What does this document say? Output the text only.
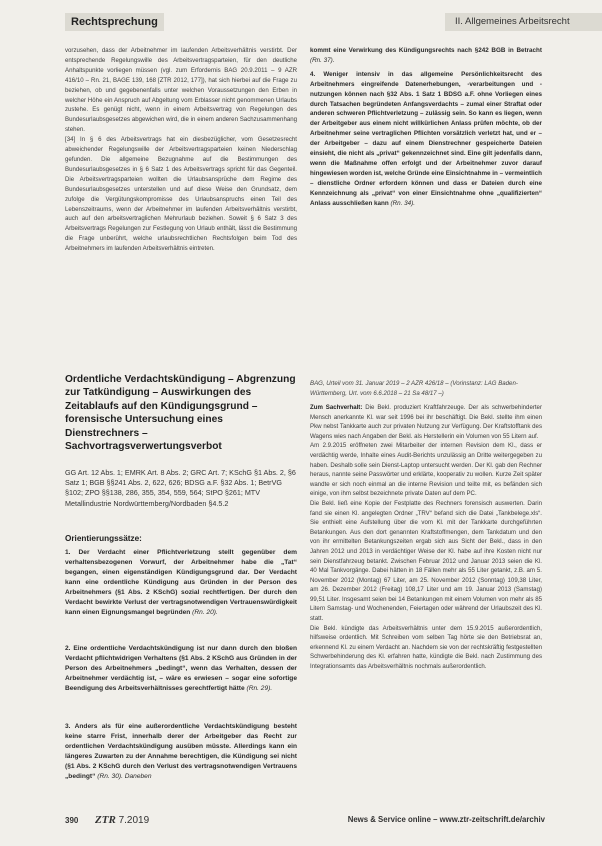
Rechtsprechung	II. Allgemeines Arbeitsrecht

vorzusehen, dass der Arbeitnehmer im laufenden Arbeitsverhältnis verstirbt. Der entsprechende Regelungswille des Arbeitsvertragsparteien, für den deutliche Anhaltspunkte vorliegen müssen (vgl. zum Erfordernis BAG 20.9.2011 – 9 AZR 416/10 – Rn. 21, BAGE 139, 168 [ZTR 2012, 177]), hat sich hierbei auf die Frage zu beziehen, ob und gegebenenfalls unter welchen Voraussetzungen den Erben in welcher Höhe ein Anspruch auf Abgeltung vom Erblasser nicht genommenen Urlaubs zustehe. Es genügt nicht, wenn in einem Arbeitsvertrag von Regelungen des Bundesurlaubsgesetzes abgewichen wird, die in einem anderen Sachzusammenhang stehen.

[34] In § 6 des Arbeitsvertrags hat ein diesbezüglicher, vom Gesetzesrecht abweichender Regelungswille der Arbeitsvertragsparteien keinen Niederschlag gefunden. Die allgemeine Bezugnahme auf die Bestimmungen des Bundesurlaubsgesetzes in § 6 Satz 1 des Arbeitsvertrags spricht für das Gegenteil. Die Arbeitsvertragsparteien wollten die Urlaubsansprüche dem Regime des Bundesurlaubsgesetzes unterstellen und auf diese Weise den Grundsatz, dem zufolge die Vergütungskompromisse des Urlaubsanspruchs einen Teil des Lebenszeitraums, wenn der Arbeitnehmer im laufenden Arbeitsverhältnis verstirbt, auch auf den arbeitsvertraglichen Mehrurlaub beziehen. Soweit § 6 Satz 3 des Arbeitsvertrags Regelungen zur Festlegung von Urlaub enthält, lässt die Bestimmung die Frage unberührt, welche urlaubsrechtlichen Rechtsfolgen beim Tod des Arbeitnehmers im laufenden Arbeitsverhältnis eintreten.

Ordentliche Verdachtskündigung – Abgrenzung zur Tatkündigung – Auswirkungen des Zeitablaufs auf den Kündigungsgrund – forensische Untersuchung eines Dienstrechners – Sachvortragsverwertungsverbot
GG Art. 12 Abs. 1; EMRK Art. 8 Abs. 2; GRC Art. 7; KSchG §1 Abs. 2, §6 Satz 1; BGB §§241 Abs. 2, 622, 626; BDSG a.F. §32 Abs. 1; BetrVG §102; ZPO §§138, 286, 355, 354, 559, 564; StPO §261; MTV Metallindustrie Nordwürttemberg/Nordbaden §4.5.2
Orientierungssätze:

1. Der Verdacht einer Pflichtverletzung stellt gegenüber dem verhaltensbezogenen Vorwurf, der Arbeitnehmer habe die „Tat“ begangen, einen eigenständigen Kündigungsgrund dar. Der Verdacht kann eine ordentliche Kündigung aus Gründen in der Person des Arbeitnehmers (§1 Abs. 2 KSchG) sozial rechtfertigen. Der durch den Verdacht bewirkte Verlust der vertragsnotwendigen Vertrauenswürdigkeit kann einen Eignungsmangel begründen (Rn. 20).

2. Eine ordentliche Verdachtskündigung ist nur dann durch den bloßen Verdacht pflichtwidrigen Verhaltens (§1 Abs. 2 KSchG aus Gründen in der Person des Arbeitnehmers „bedingt“, wenn das Verhalten, dessen der Arbeitnehmer verdächtig ist, – wäre es erwiesen – sogar eine sofortige Beendigung des Arbeitsverhältnisses gerechtfertigt hätte (Rn. 29).

3. Anders als für eine außerordentliche Verdachtskündigung besteht keine starre Frist, innerhalb derer der Arbeitgeber das Recht zur ordentlichen Verdachtskündigung ausüben müsste. Allerdings kann ein längeres Zuwarten zu der Annahme berechtigen, die Kündigung sei nicht (§1 Abs. 2 KSchG durch den Verlust des vertragsnotwendigen Vertrauens „bedingt“ (Rn. 30). Daneben

kommt eine Verwirkung des Kündigungsrechts nach §242 BGB in Betracht (Rn. 37).

4. Weniger intensiv in das allgemeine Persönlichkeitsrecht des Arbeitnehmers eingreifende Datenerhebungen, -verarbeitungen und -nutzungen können nach §32 Abs. 1 Satz 1 BDSG a.F. ohne Vorliegen eines durch Tatsachen begründeten Anfangsverdachts – zumal einer Straftat oder anderen schweren Pflichtverletzung – zulässig sein. So kann es liegen, wenn der Arbeitgeber aus einem nicht willkürlichen Anlass prüfen möchte, ob der Arbeitnehmer seine vertraglichen Pflichten vorsätzlich verletzt hat, und er – der Arbeitgeber – dazu auf einem Dienstrechner gespeicherte Dateien einsieht, die nicht als „privat“ gekennzeichnet sind. Eine gilt jedenfalls dann, wenn die Maßnahme offen erfolgt und der Arbeitnehmer zuvor darauf hingewiesen worden ist, welche Gründe eine Einsichtnahme in – vermeintlich – dienstliche Ordner erfordern können und dass er Dateien durch eine Kennzeichnung als „privat“ von einer Einsichtnahme ohne „qualifizierten“ Anlass ausschließen kann (Rn. 34).

BAG, Urteil vom 31. Januar 2019 – 2 AZR 426/18 – (Vorinstanz: LAG Baden-Württemberg, Urt. vom 6.6.2018 – 21 Sa 48/17 –)

Zum Sachverhalt: Die Bekl. produziert Kraftfahrzeuge. Der als schwerbehinderter Mensch anerkannte Kl. war seit 1996 bei ihr beschäftigt. Die Bekl. stellte ihm einen Pkw nebst Tankkarte auch zur privaten Nutzung zur Verfügung. Der Kraftstofftank des Wagens wies nach Angaben der Bekl. als Herstellerin ein Volumen von 55 Litern auf.

Am 2.9.2015 eröffneten zwei Mitarbeiter der internen Revision dem Kl., dass er verdächtig werde, Inhalte eines Audit-Berichts unzulässig an Dritte weitergegeben zu haben. Deshalb solle sein Dienst-Laptop untersucht werden. Der Kl. gab den Rechner heraus, nannte seine Passwörter und erklärte, kooperativ zu wollen. Kurze Zeit später wandte er sich noch einmal an die interne Revision und teilte mit, es befänden sich einige, von ihm selbst bezeichnete private Daten auf dem PC.

Die Bekl. ließ eine Kopie der Festplatte des Rechners forensisch auswerten. Darin fand sie einen Kl. angelegten Ordner „TRV“ befand sich die Datei „Tankbelege.xls“. Sie enthielt eine Aufstellung über die vom Kl. mit der Tankkarte durchgeführten Betankungen. Aus den dort genannten Kraftstoffmengen, dem Tankdatum und den von ihr ermittelten Betankungszeiten ergab sich aus Sicht der Bekl., dass in den Jahren 2012 und 2013 in verdächtiger Weise der Kl. habe auf ihre Kosten nicht nur sein Dienstfahrzeug betankt. Zwischen Februar 2012 und Januar 2013 seien die Kl. 40 Mal Tankvorgänge. Dabei hätten in 18 Fällen mehr als 55 Liter getankt, z.B. am 5. November 2012 (Montag) 67 Liter, am 25. November 2012 (Sonntag) 109,38 Liter, am 26. Dezember 2012 (Freitag) 108,17 Liter und am 19. Januar 2013 (Samstag) 99,51 Liter. Insgesamt seien bei 14 Betankungen mit einem Volumen von mehr als 85 Litern Samstag- und Wochenenden, Feiertagen oder während der Urlaubszeit des Kl. statt.

Die Bekl. kündigte das Arbeitsverhältnis unter dem 15.9.2015 außerordentlich, hilfsweise ordentlich. Mit Schreiben vom selben Tag hörte sie den Betriebsrat an, erkennend Kl. zu einem Verdacht an. Nachdem sie von der rechtskräftig festgestellten Schwerbehinderung des Kl. erfahren hatte, kündigte die Bekl. nach Zustimmung des Integrationsamts das Arbeitsverhältnis nochmals außerordentlich.

390 ZTR 7.2019	News & Service online – www.ztr-zeitschrift.de/archiv
